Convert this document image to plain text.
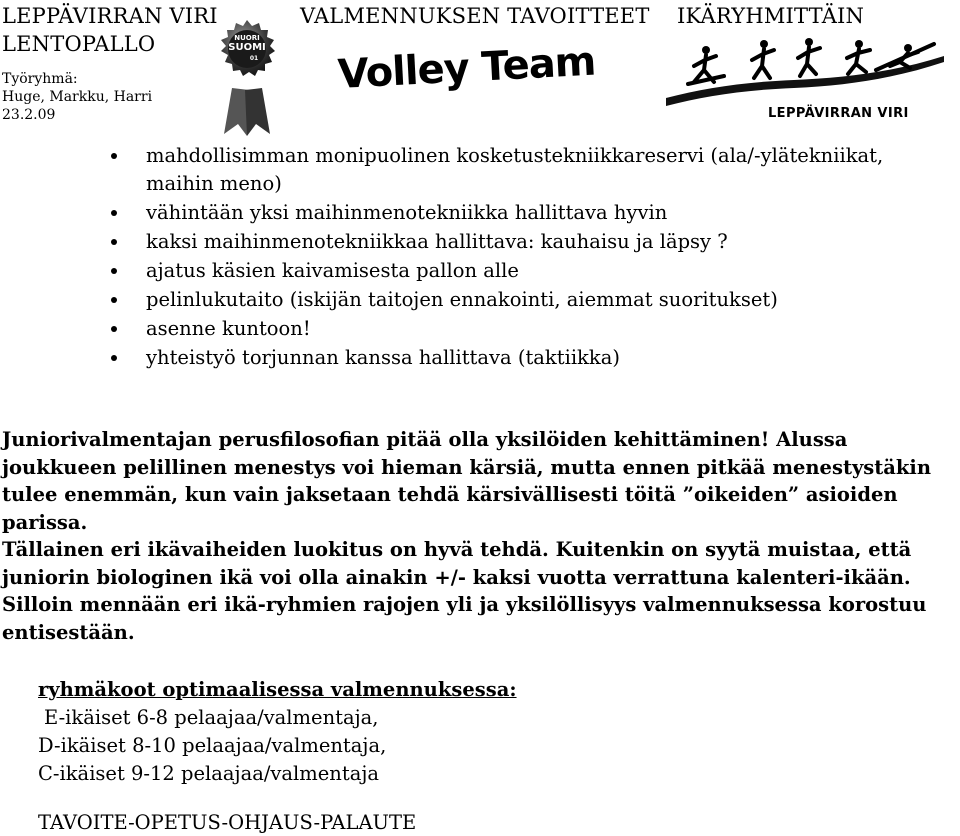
LEPPÄVIRRAN VIRI	VALMENNUKSEN TAVOITTEET IKÄRYHMITTÄIN
LENTOPALLO
Työryhmä:
Huge, Markku, Harri
23.2.09
NUORI
SUOMI
01 Volley Team
LEPPÄVIRRAN VIRI
mahdollisimman monipuolinen kosketustekniikkareservi (ala/-ylätekniikat, maihin meno)
vähintään yksi maihinmenotekniikka hallittava hyvin
kaksi maihinmenotekniikkaa hallittava: kauhaisu ja läpsy ?
ajatus käsien kaivamisesta pallon alle
pelinlukutaito (iskijän taitojen ennakointi, aiemmat suoritukset)
asenne kuntoon!
yhteistyö torjunnan kanssa hallittava (taktiikka)

Juniorivalmentajan perusfilosofian pitää olla yksilöiden kehittäminen! Alussa joukkueen pelillinen menestys voi hieman kärsiä, mutta ennen pitkää menestystäkin tulee enemmän, kun vain jaksetaan tehdä kärsivällisesti töitä ”oikeiden” asioiden parissa.

Tällainen eri ikävaiheiden luokitus on hyvä tehdä. Kuitenkin on syytä muistaa, että juniorin biologinen ikä voi olla ainakin +/- kaksi vuotta verrattuna kalenteri-ikään. Silloin mennään eri ikä-ryhmien rajojen yli ja yksilöllisyys valmennuksessa korostuu entisestään.

ryhmäkoot optimaalisessa valmennuksessa:
E-ikäiset 6-8 pelaajaa/valmentaja,
D-ikäiset 8-10 pelaajaa/valmentaja,
C-ikäiset 9-12 pelaajaa/valmentaja
TAVOITE-OPETUS-OHJAUS-PALAUTE
